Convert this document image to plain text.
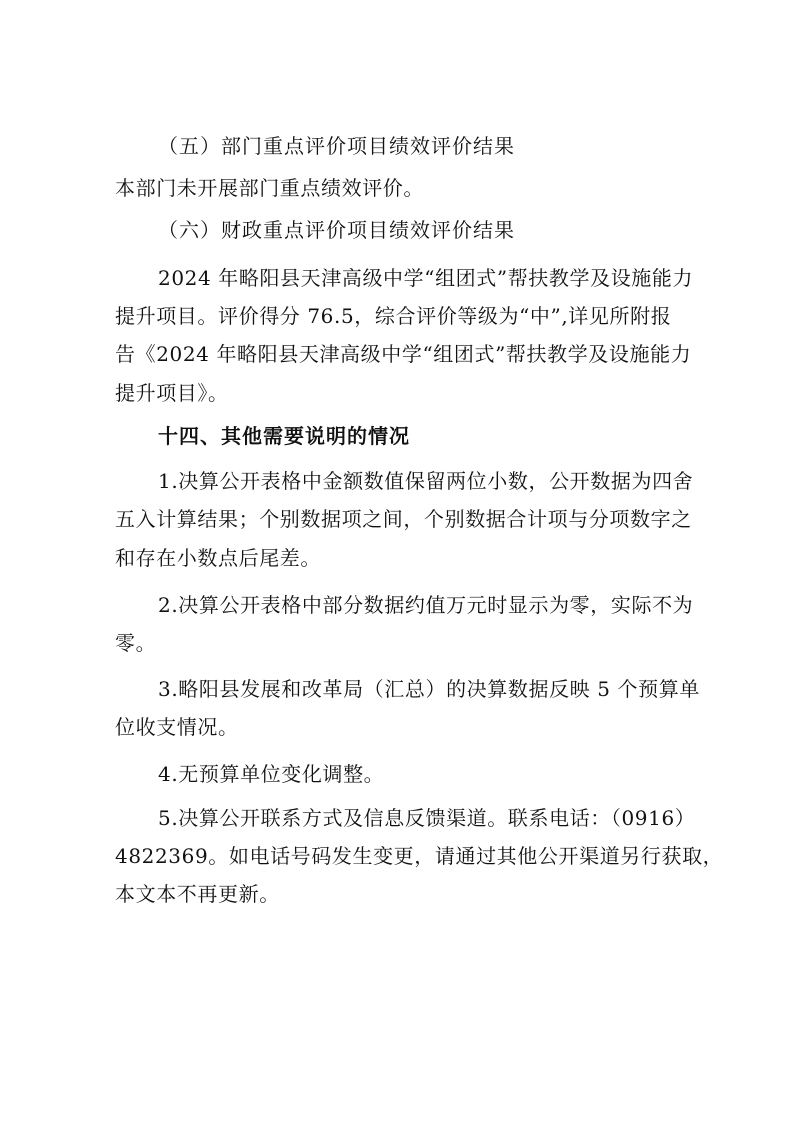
（五）部门重点评价项目绩效评价结果
本部门未开展部门重点绩效评价。
（六）财政重点评价项目绩效评价结果
2024 年略阳县天津高级中学“组团式”帮扶教学及设施能力
提升项目。评价得分 76.5，综合评价等级为“中”,详见所附报
告《2024 年略阳县天津高级中学“组团式”帮扶教学及设施能力
提升项目》。
十四、其他需要说明的情况
1.决算公开表格中金额数值保留两位小数，公开数据为四舍
五入计算结果；个别数据项之间，个别数据合计项与分项数字之
和存在小数点后尾差。
2.决算公开表格中部分数据约值万元时显示为零，实际不为
零。
3.略阳县发展和改革局（汇总）的决算数据反映 5 个预算单
位收支情况。
4.无预算单位变化调整。
5.决算公开联系方式及信息反馈渠道。联系电话：（0916）
4822369。如电话号码发生变更，请通过其他公开渠道另行获取，
本文本不再更新。
